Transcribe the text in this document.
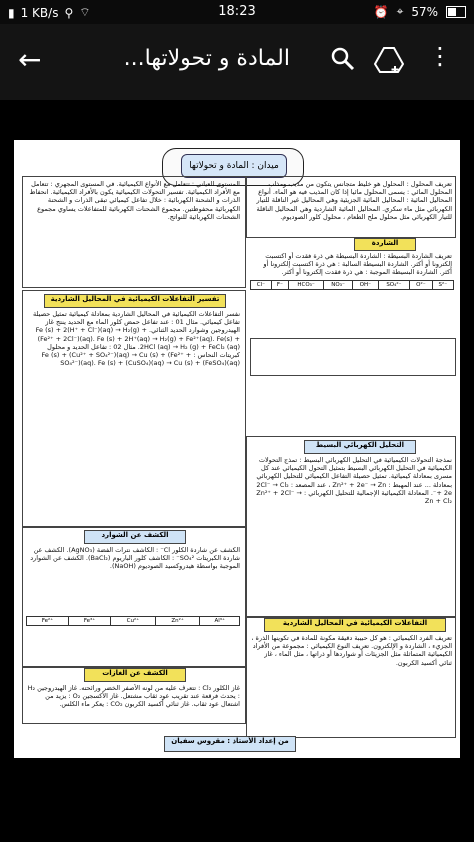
▮ 1 KB/s ⚲ ⌔	18:23	⏰ ⌖ 57%
←	المادة و تحولاتها...	⋮
ميدان : المادة و تحولاتها
تعريف المحلول : المحلول هو خليط متجانس يتكون من مذيب ومذاب. المحلول المائي : يسمى المحلول مائيا إذا كان المذيب فيه هو الماء. أنواع المحاليل المائية : المحاليل المائية الجزيئية وهي المحاليل غير الناقلة للتيار الكهربائي مثل ماء سكري. المحاليل المائية الشاردية وهي المحاليل الناقلة للتيار الكهربائي مثل محلول ملح الطعام ، محلول كلور الصوديوم.
الشاردة
تعريف الشاردة البسيطة : الشاردة البسيطة هي ذرة فقدت أو اكتسبت إلكترونا أو أكثر. الشاردة البسيطة السالبة : هي ذرة اكتسبت إلكترونا أو أكثر. الشاردة البسيطة الموجبة : هي ذرة فقدت إلكترونا أو أكثر.
Cl⁻	F⁻	HCO₃⁻	NO₃⁻	OH⁻	SO₄²⁻	O²⁻	S²⁻
التحليل الكهربائي البسيط
نمذجة التحولات الكيميائية في التحليل الكهربائي البسيط : تمذج التحولات الكيميائية في التحليل الكهربائي البسيط بتمثيل التحول الكيميائي عند كل مسرى بمعادلة كيميائية. تمثيل حصيلة التفاعل الكيميائي للتحليل الكهربائي بمعادلة ... عند المهبط : Zn²⁺ + 2e⁻ → Zn ، عند المصعد : 2Cl⁻ → Cl₂ + 2e⁻. المعادلة الكيميائية الإجمالية للتحليل الكهربائي : Zn²⁺ + 2Cl⁻ → Zn + Cl₂
التفاعلات الكيميائية في المحاليل الشاردية
تعريف الفرد الكيميائي : هو كل حبيبة دقيقة مكونة للمادة في تكوينها الذرة ، الجزيء ، الشاردة و الإلكترون. تعريف النوع الكيميائي : مجموعة من الأفراد الكيميائية المتماثلة مثل الجزيئات أو شواردها أو ذراتها ، مثل الماء ، غاز ثنائي أكسيد الكربون.
المستوى العياني : تتعامل مع الأنواع الكيميائية. في المستوى المجهري : تتعامل مع الأفراد الكيميائية. تفسير التحولات الكيميائية يكون بالأفراد الكيميائية. انحفاظ الذرات و الشحنة الكهربائية : خلال تفاعل كيميائي تبقى الذرات و الشحنة الكهربائية محفوظتين. مجموع الشحنات الكهربائية للمتفاعلات يساوي مجموع الشحنات الكهربائية للنواتج.
تفسير التفاعلات الكيميائية في المحاليل الشاردية
نفسر التفاعلات الكيميائية في المحاليل الشاردية بمعادلة كيميائية تمثيل حصيلة تفاعل كيميائي. مثال 01 : عند تفاعل حمض كلور الماء مع الحديد ينتج غاز الهيدروجين وشوارد الحديد الثنائي. Fe (s) + 2(H⁺ + Cl⁻)(aq) → H₂(g) + (Fe²⁺ + 2Cl⁻)(aq). Fe (s) + 2H⁺(aq) → H₂(g) + Fe²⁺(aq). Fe(s) + 2HCl (aq) → H₂ (g) + FeCl₂ (aq). مثال 02 : تفاعل الحديد و محلول كبريتات النحاس : Fe (s) + (Cu²⁺ + SO₄²⁻)(aq) → Cu (s) + (Fe²⁺ + SO₄²⁻)(aq). Fe (s) + (CuSO₄)(aq) → Cu (s) + (FeSO₄)(aq)
الكشف عن الشوارد
الكشف عن شاردة الكلور Cl⁻ : الكاشف نترات الفضة (AgNO₃). الكشف عن شاردة الكبريتات SO₄²⁻ : الكاشف كلور الباريوم (BaCl₂). الكشف عن الشوارد الموجبة بواسطة هيدروكسيد الصوديوم (NaOH).
Fe²⁺	Fe³⁺	Cu²⁺	Zn²⁺	Al³⁺
الكشف عن الغازات
غاز الكلور Cl₂ : تتعرف عليه من لونه الأصفر الخضر ورائحته. غاز الهيدروجين H₂ : يحدث فرقعة عند تقريب عود ثقاب مشتعل. غاز الأكسجين O₂ : يزيد من اشتعال عود ثقاب. غاز ثنائي أكسيد الكربون CO₂ : يعكر ماء الكلس.
من إعداد الأستاذ : مقروس سفيان
